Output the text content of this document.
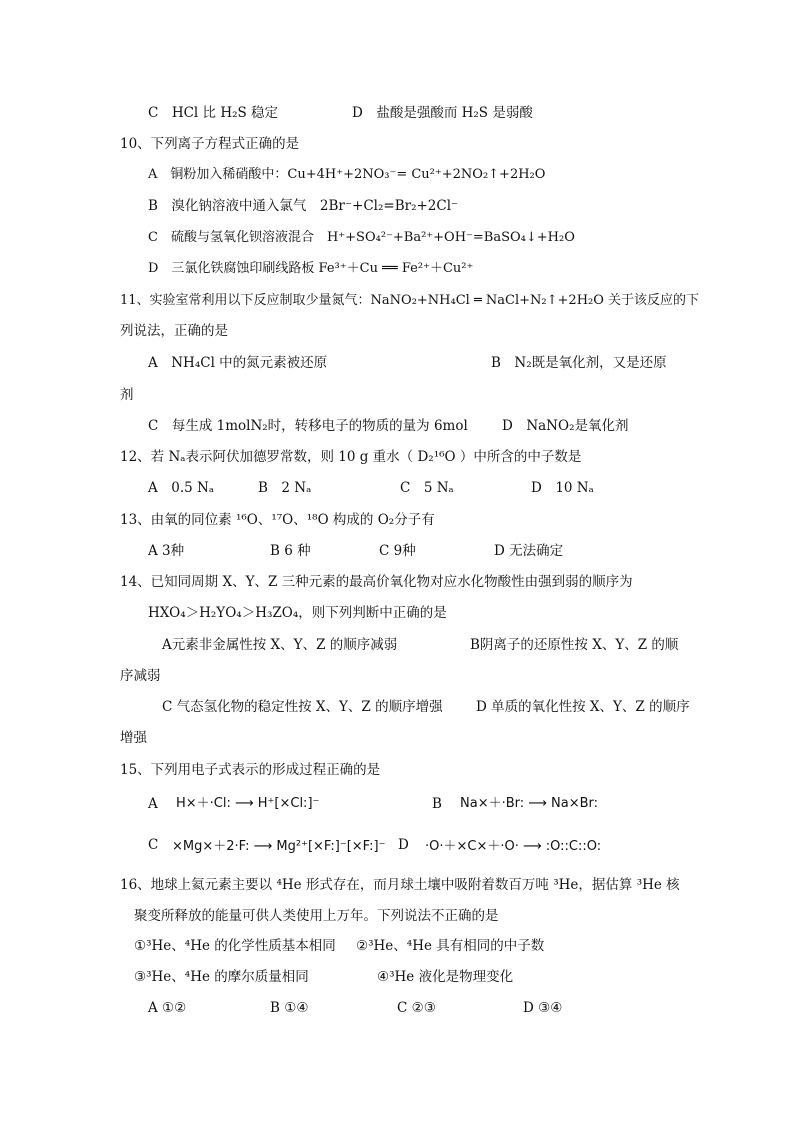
C　HCl 比 H₂S 稳定	D　盐酸是强酸而 H₂S 是弱酸
10、下列离子方程式正确的是
A　铜粉加入稀硝酸中：Cu+4H⁺+2NO₃⁻= Cu²⁺+2NO₂↑+2H₂O
B　溴化钠溶液中通入氯气　2Br⁻+Cl₂=Br₂+2Cl⁻
C　硫酸与氢氧化钡溶液混合　H⁺+SO₄²⁻+Ba²⁺+OH⁻=BaSO₄↓+H₂O
D　三氯化铁腐蚀印刷线路板 Fe³⁺＋Cu ══ Fe²⁺＋Cu²⁺
11、实验室常利用以下反应制取少量氮气：NaNO₂+NH₄Cl ═ NaCl+N₂↑+2H₂O 关于该反应的下
列说法，正确的是
A　NH₄Cl 中的氮元素被还原	B　N₂既是氧化剂，又是还原
剂
C　每生成 1molN₂时，转移电子的物质的量为 6mol	D　NaNO₂是氧化剂
12、若 Nₐ表示阿伏加德罗常数，则 10 g 重水（ D₂¹⁶O ）中所含的中子数是
A　0.5 Nₐ	B　2 Nₐ	C　5 Nₐ	D　10 Nₐ
13、由氧的同位素 ¹⁶O、¹⁷O、¹⁸O 构成的 O₂分子有
A 3种	B 6 种	C 9种	D 无法确定
14、已知同周期 X、Y、Z 三种元素的最高价氧化物对应水化物酸性由强到弱的顺序为
HXO₄＞H₂YO₄＞H₃ZO₄，则下列判断中正确的是
A元素非金属性按 X、Y、Z 的顺序减弱	B阴离子的还原性按 X、Y、Z 的顺
序减弱
C 气态氢化物的稳定性按 X、Y、Z 的顺序增强 D 单质的氧化性按 X、Y、Z 的顺序
增强
15、下列用电子式表示的形成过程正确的是
A H×＋·Cl: ⟶ H⁺[×Cl:]⁻	B Na×＋·Br: ⟶ Na×Br:
C ×Mg×＋2·F: ⟶ Mg²⁺[×F:]⁻[×F:]⁻ D ·O·＋×C×＋·O· ⟶ :O::C::O:
16、地球上氦元素主要以 ⁴He 形式存在，而月球土壤中吸附着数百万吨 ³He，据估算 ³He 核
聚变所释放的能量可供人类使用上万年。下列说法不正确的是
①³He、⁴He 的化学性质基本相同 ②³He、⁴He 具有相同的中子数
③³He、⁴He 的摩尔质量相同	④³He 液化是物理变化
A ①②	B ①④	C ②③	D ③④
